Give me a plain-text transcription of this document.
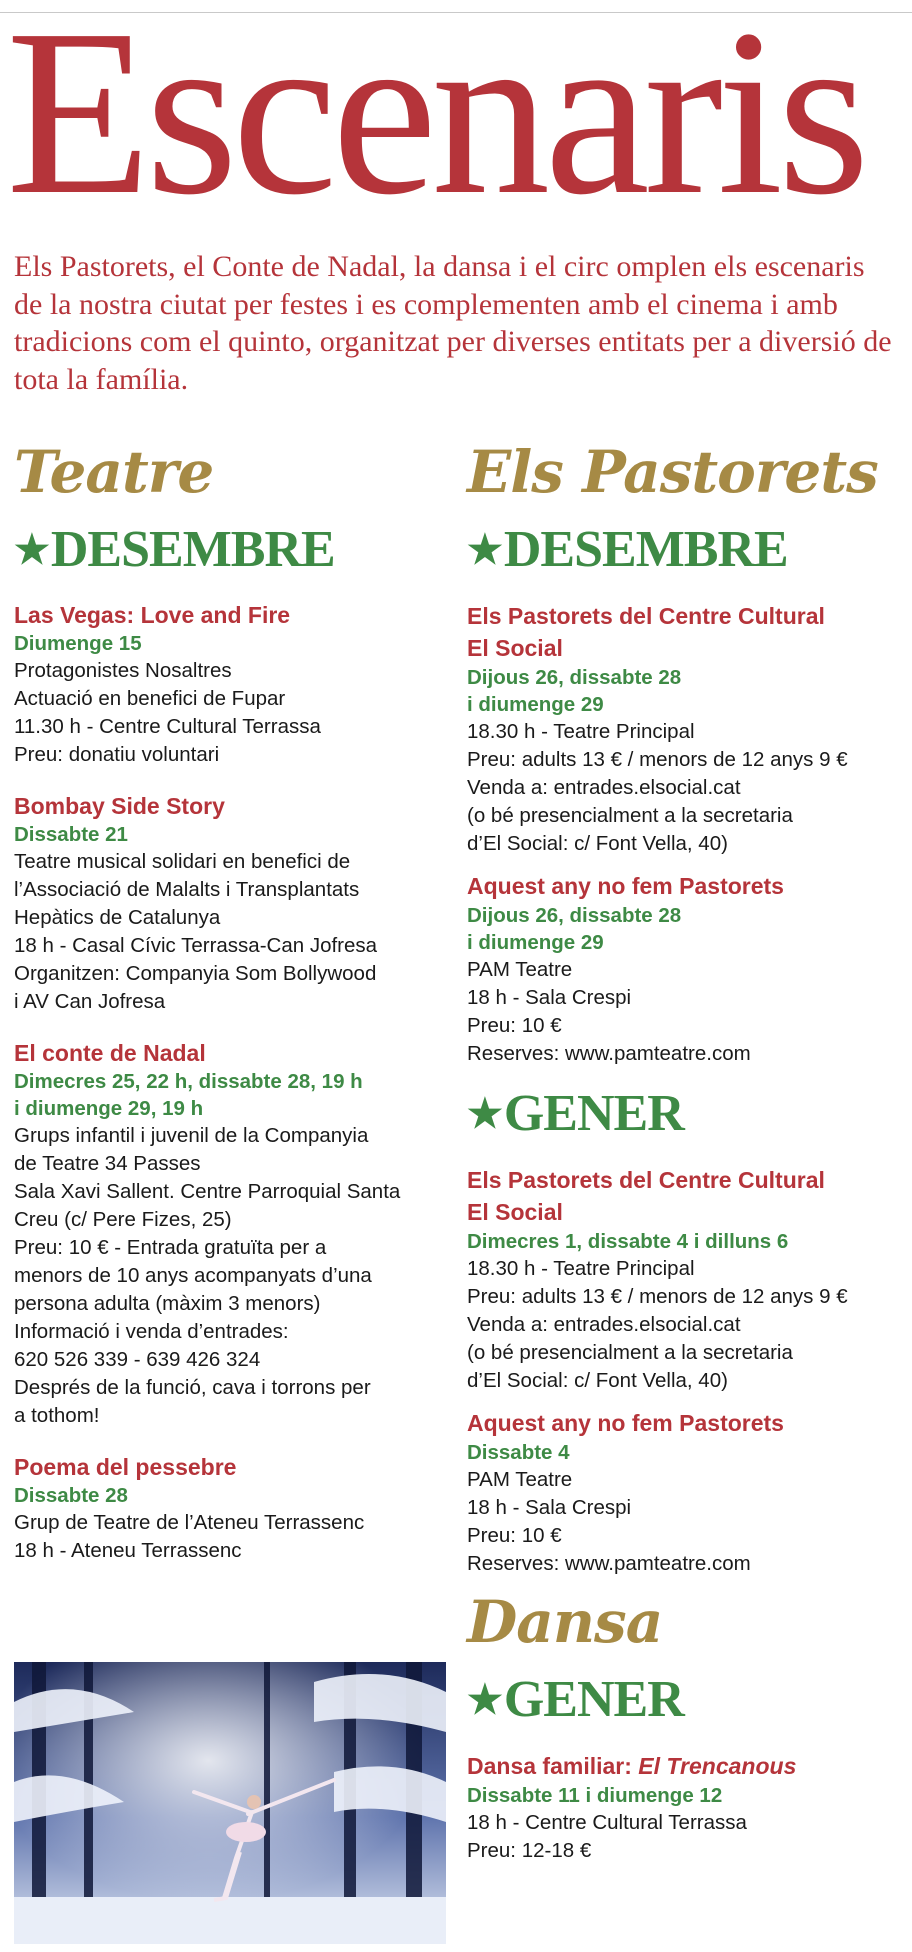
Escenaris

Els Pastorets, el Conte de Nadal, la dansa i el circ omplen els escenaris de la nostra ciutat per festes i es complementen amb el cinema i amb tradicions com el quinto, organitzat per diverses entitats per a diversió de tota la família.

Teatre
★DESEMBRE
Las Vegas: Love and Fire
Diumenge 15
Protagonistes Nosaltres
Actuació en benefici de Fupar
11.30 h - Centre Cultural Terrassa
Preu: donatiu voluntari
Bombay Side Story
Dissabte 21
Teatre musical solidari en benefici de
l’Associació de Malalts i Transplantats
Hepàtics de Catalunya
18 h - Casal Cívic Terrassa-Can Jofresa
Organitzen: Companyia Som Bollywood
i AV Can Jofresa
El conte de Nadal
Dimecres 25, 22 h, dissabte 28, 19 h
i diumenge 29, 19 h
Grups infantil i juvenil de la Companyia
de Teatre 34 Passes
Sala Xavi Sallent. Centre Parroquial Santa
Creu (c/ Pere Fizes, 25)
Preu: 10 € - Entrada gratuïta per a
menors de 10 anys acompanyats d’una
persona adulta (màxim 3 menors)
Informació i venda d’entrades:
620 526 339 - 639 426 324
Després de la funció, cava i torrons per
a tothom!
Poema del pessebre
Dissabte 28
Grup de Teatre de l’Ateneu Terrassenc
18 h - Ateneu Terrassenc
Els Pastorets
★DESEMBRE
Els Pastorets del Centre Cultural
El Social
Dijous 26, dissabte 28
i diumenge 29
18.30 h - Teatre Principal
Preu: adults 13 € / menors de 12 anys 9 €
Venda a: entrades.elsocial.cat
(o bé presencialment a la secretaria
d’El Social: c/ Font Vella, 40)
Aquest any no fem Pastorets
Dijous 26, dissabte 28
i diumenge 29
PAM Teatre
18 h - Sala Crespi
Preu: 10 €
Reserves: www.pamteatre.com
★GENER
Els Pastorets del Centre Cultural
El Social
Dimecres 1, dissabte 4 i dilluns 6
18.30 h - Teatre Principal
Preu: adults 13 € / menors de 12 anys 9 €
Venda a: entrades.elsocial.cat
(o bé presencialment a la secretaria
d’El Social: c/ Font Vella, 40)
Aquest any no fem Pastorets
Dissabte 4
PAM Teatre
18 h - Sala Crespi
Preu: 10 €
Reserves: www.pamteatre.com
Dansa
★GENER
Dansa familiar: El Trencanous
Dissabte 11 i diumenge 12
18 h - Centre Cultural Terrassa
Preu: 12-18 €
